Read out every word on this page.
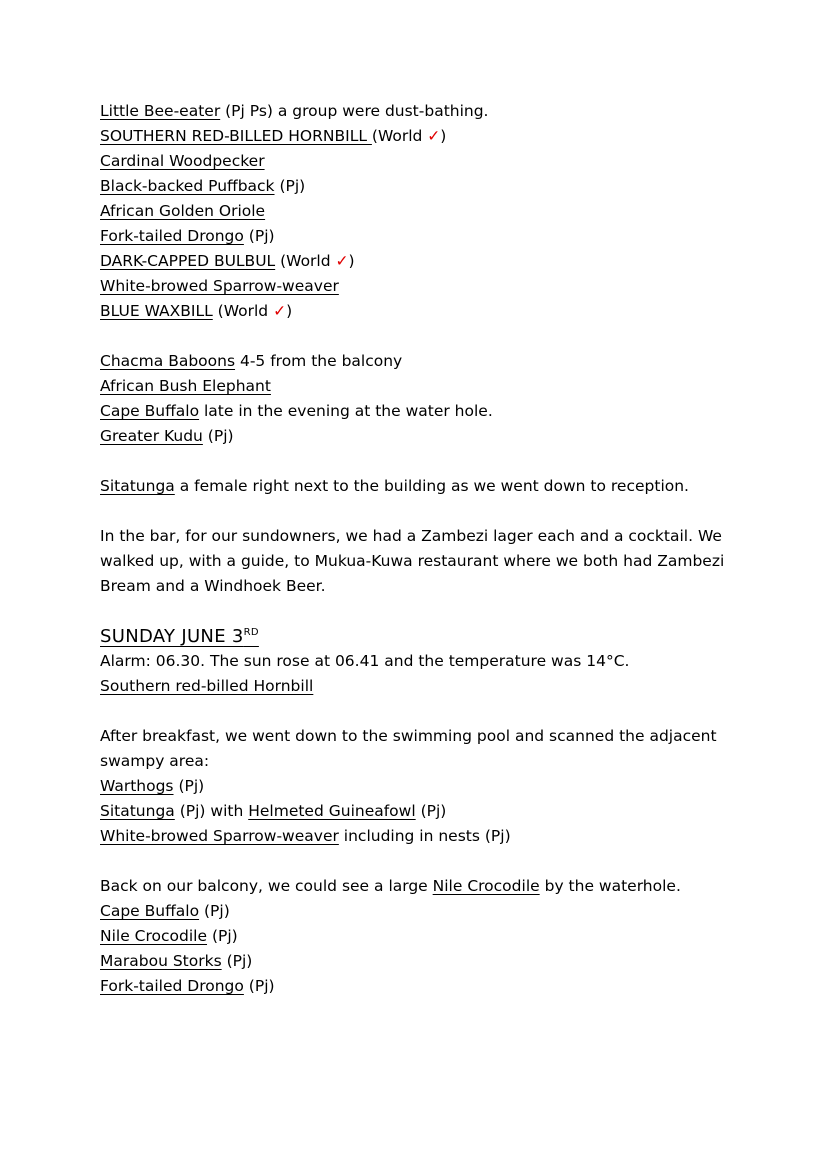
Little Bee-eater (Pj Ps) a group were dust-bathing.
SOUTHERN RED-BILLED HORNBILL (World ✓)
Cardinal Woodpecker
Black-backed Puffback (Pj)
African Golden Oriole
Fork-tailed Drongo (Pj)
DARK-CAPPED BULBUL (World ✓)
White-browed Sparrow-weaver
BLUE WAXBILL (World ✓)
Chacma Baboons 4-5 from the balcony
African Bush Elephant
Cape Buffalo late in the evening at the water hole.
Greater Kudu (Pj)
Sitatunga a female right next to the building as we went down to reception.
In the bar, for our sundowners, we had a Zambezi lager each and a cocktail. We walked up, with a guide, to Mukua-Kuwa restaurant where we both had Zambezi Bream and a Windhoek Beer.
SUNDAY JUNE 3RD
Alarm: 06.30. The sun rose at 06.41 and the temperature was 14°C.
Southern red-billed Hornbill
After breakfast, we went down to the swimming pool and scanned the adjacent swampy area:
Warthogs (Pj)
Sitatunga (Pj) with Helmeted Guineafowl (Pj)
White-browed Sparrow-weaver including in nests (Pj)
Back on our balcony, we could see a large Nile Crocodile by the waterhole.
Cape Buffalo (Pj)
Nile Crocodile (Pj)
Marabou Storks (Pj)
Fork-tailed Drongo (Pj)
